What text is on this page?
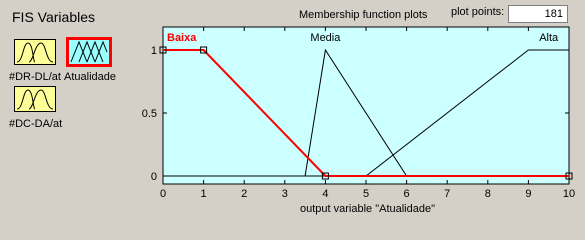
FIS Variables
#DR-DL/at Atualidade
#DC-DA/at
Membership function plots plot points:
181
0	1	2	3	4	5	6	7	8	9	10
0
0.5
1
Baixa	Media	Alta
output variable "Atualidade"
